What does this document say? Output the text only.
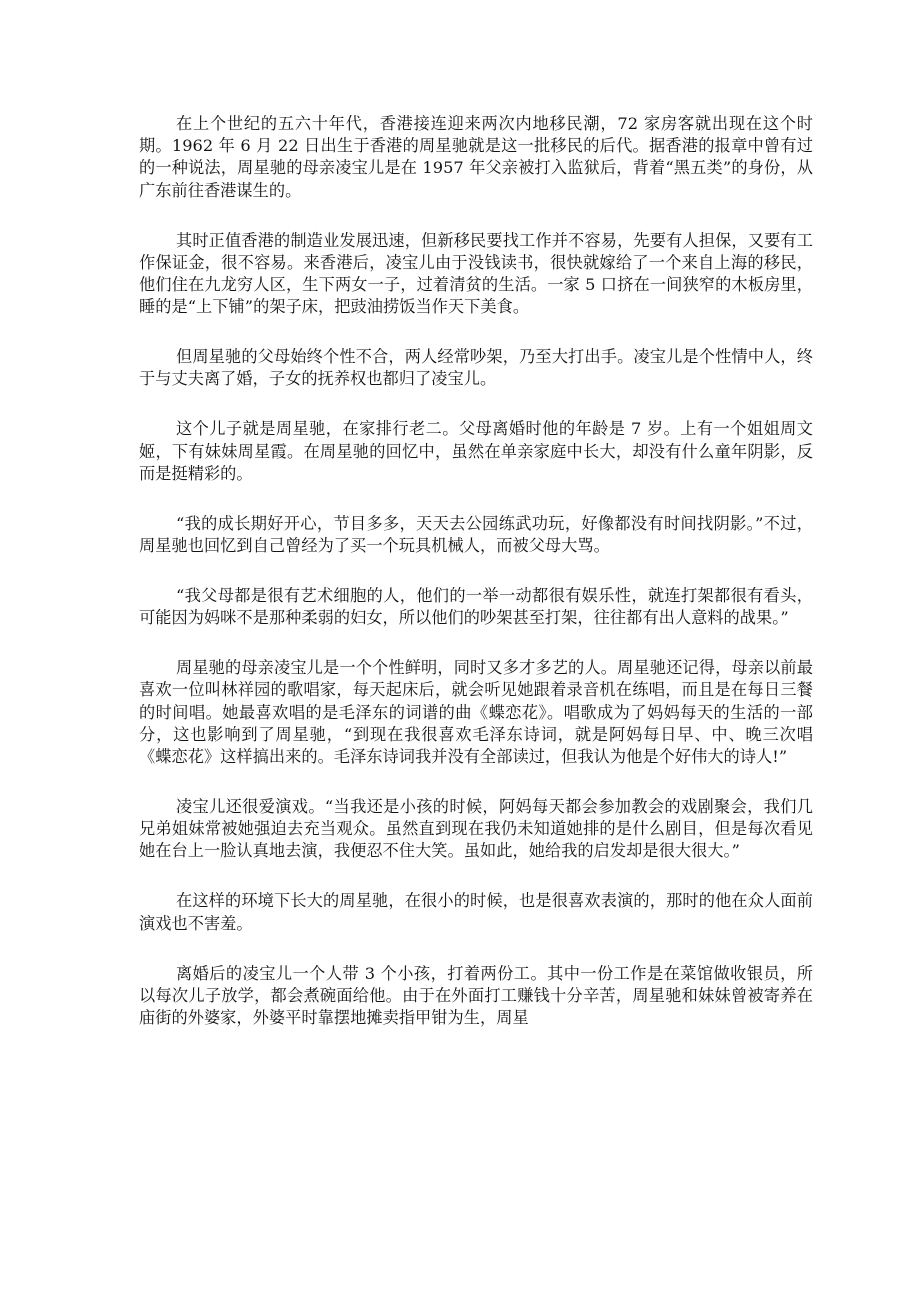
在上个世纪的五六十年代，香港接连迎来两次内地移民潮，72 家房客就出现在这个时期。1962 年 6 月 22 日出生于香港的周星驰就是这一批移民的后代。据香港的报章中曾有过的一种说法，周星驰的母亲凌宝儿是在 1957 年父亲被打入监狱后，背着“黑五类”的身份，从广东前往香港谋生的。

其时正值香港的制造业发展迅速，但新移民要找工作并不容易，先要有人担保，又要有工作保证金，很不容易。来香港后，凌宝儿由于没钱读书，很快就嫁给了一个来自上海的移民，他们住在九龙穷人区，生下两女一子，过着清贫的生活。一家 5 口挤在一间狭窄的木板房里，睡的是“上下铺”的架子床，把豉油捞饭当作天下美食。

但周星驰的父母始终个性不合，两人经常吵架，乃至大打出手。凌宝儿是个性情中人，终于与丈夫离了婚，子女的抚养权也都归了凌宝儿。

这个儿子就是周星驰，在家排行老二。父母离婚时他的年龄是 7 岁。上有一个姐姐周文姬，下有妹妹周星霞。在周星驰的回忆中，虽然在单亲家庭中长大，却没有什么童年阴影，反而是挺精彩的。

“我的成长期好开心，节目多多，天天去公园练武功玩，好像都没有时间找阴影。”不过，周星驰也回忆到自己曾经为了买一个玩具机械人，而被父母大骂。

“我父母都是很有艺术细胞的人，他们的一举一动都很有娱乐性，就连打架都很有看头，可能因为妈咪不是那种柔弱的妇女，所以他们的吵架甚至打架，往往都有出人意料的战果。”

周星驰的母亲凌宝儿是一个个性鲜明，同时又多才多艺的人。周星驰还记得，母亲以前最喜欢一位叫林祥园的歌唱家，每天起床后，就会听见她跟着录音机在练唱，而且是在每日三餐的时间唱。她最喜欢唱的是毛泽东的词谱的曲《蝶恋花》。唱歌成为了妈妈每天的生活的一部分，这也影响到了周星驰，“到现在我很喜欢毛泽东诗词，就是阿妈每日早、中、晚三次唱《蝶恋花》这样搞出来的。毛泽东诗词我并没有全部读过，但我认为他是个好伟大的诗人!”

凌宝儿还很爱演戏。“当我还是小孩的时候，阿妈每天都会参加教会的戏剧聚会，我们几兄弟姐妹常被她强迫去充当观众。虽然直到现在我仍未知道她排的是什么剧目，但是每次看见她在台上一脸认真地去演，我便忍不住大笑。虽如此，她给我的启发却是很大很大。”

在这样的环境下长大的周星驰，在很小的时候，也是很喜欢表演的，那时的他在众人面前演戏也不害羞。

离婚后的凌宝儿一个人带 3 个小孩，打着两份工。其中一份工作是在菜馆做收银员，所以每次儿子放学，都会煮碗面给他。由于在外面打工赚钱十分辛苦，周星驰和妹妹曾被寄养在庙街的外婆家，外婆平时靠摆地摊卖指甲钳为生，周星
